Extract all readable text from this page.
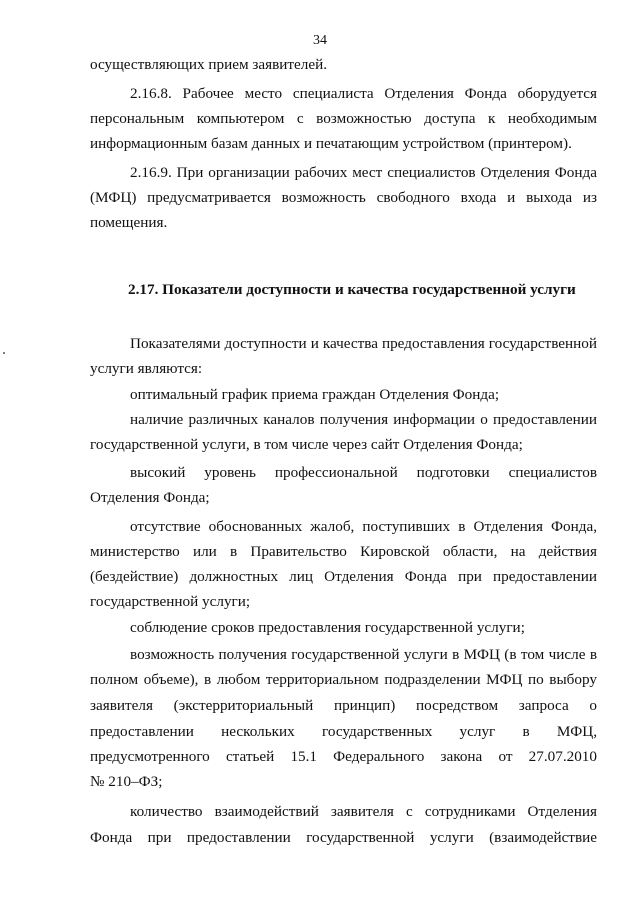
34
осуществляющих прием заявителей.
2.16.8. Рабочее место специалиста Отделения Фонда оборудуется
персональным компьютером с возможностью доступа к необходимым
информационным базам данных и печатающим устройством (принтером).
2.16.9. При организации рабочих мест специалистов Отделения Фонда
(МФЦ) предусматривается возможность свободного входа и выхода из
помещения.
2.17. Показатели доступности и качества государственной услуги
Показателями доступности и качества предоставления государственной
услуги являются:
оптимальный график приема граждан Отделения Фонда;
наличие различных каналов получения информации о предоставлении
государственной услуги, в том числе через сайт Отделения Фонда;
высокий уровень профессиональной подготовки специалистов
Отделения Фонда;
отсутствие обоснованных жалоб, поступивших в Отделения Фонда,
министерство или в Правительство Кировской области, на действия
(бездействие) должностных лиц Отделения Фонда при предоставлении
государственной услуги;
соблюдение сроков предоставления государственной услуги;
возможность получения государственной услуги в МФЦ (в том числе в
полном объеме), в любом территориальном подразделении МФЦ по выбору
заявителя (экстерриториальный принцип) посредством запроса о
предоставлении нескольких государственных услуг в МФЦ,
предусмотренного статьей 15.1 Федерального закона от 27.07.2010
№ 210–ФЗ;
количество взаимодействий заявителя с сотрудниками Отделения
Фонда при предоставлении государственной услуги (взаимодействие
